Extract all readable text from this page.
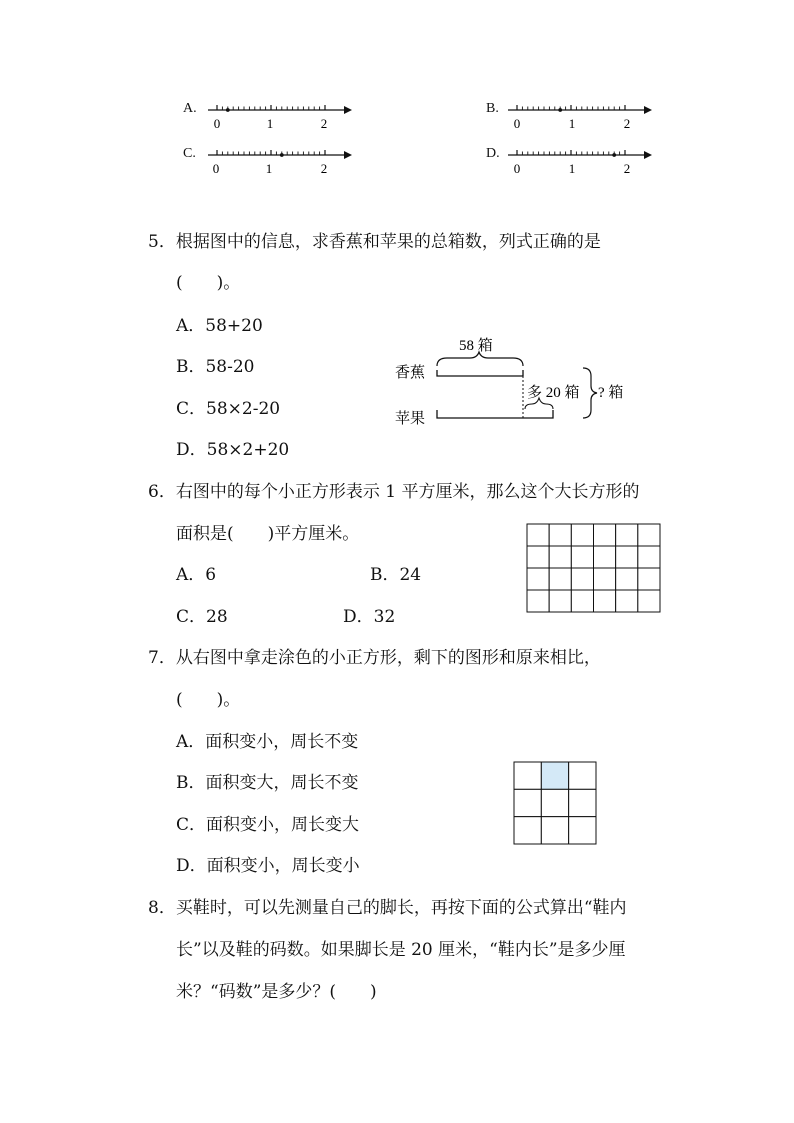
A.
0	1	2
B.
0	1	2
C.
0	1	2
D.
0	1	2
5．根据图中的信息，求香蕉和苹果的总箱数，列式正确的是
(　　)。
A．58+20
B．58-20
C．58×2-20
D．58×2+20
香蕉
苹果
58 箱
多 20 箱 ? 箱
6．右图中的每个小正方形表示 1 平方厘米，那么这个大长方形的
面积是(　　)平方厘米。
A．6	B．24
C．28	D．32
7．从右图中拿走涂色的小正方形，剩下的图形和原来相比，
(　　)。
A．面积变小，周长不变
B．面积变大，周长不变
C．面积变小，周长变大
D．面积变小，周长变小
8．买鞋时，可以先测量自己的脚长，再按下面的公式算出“鞋内
长”以及鞋的码数。如果脚长是 20 厘米，“鞋内长”是多少厘
米？“码数”是多少？(　　)
